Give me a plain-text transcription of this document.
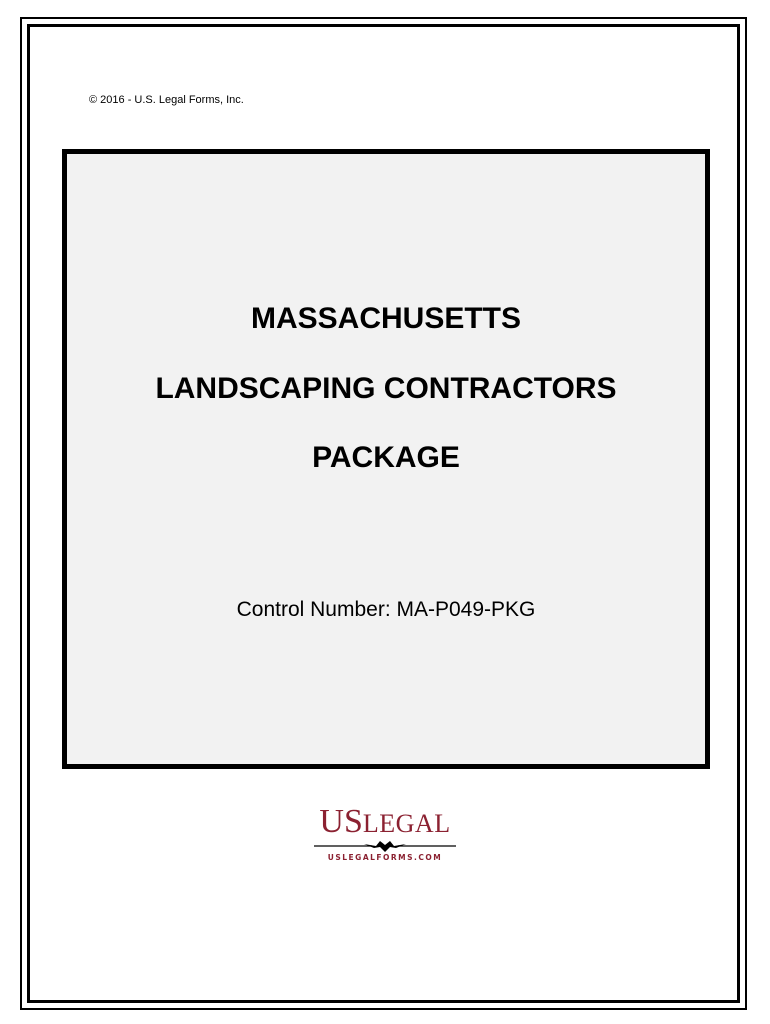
© 2016 - U.S. Legal Forms, Inc.
MASSACHUSETTS
LANDSCAPING CONTRACTORS
PACKAGE
Control Number: MA-P049-PKG
USLEGAL
USLEGALFORMS.COM
